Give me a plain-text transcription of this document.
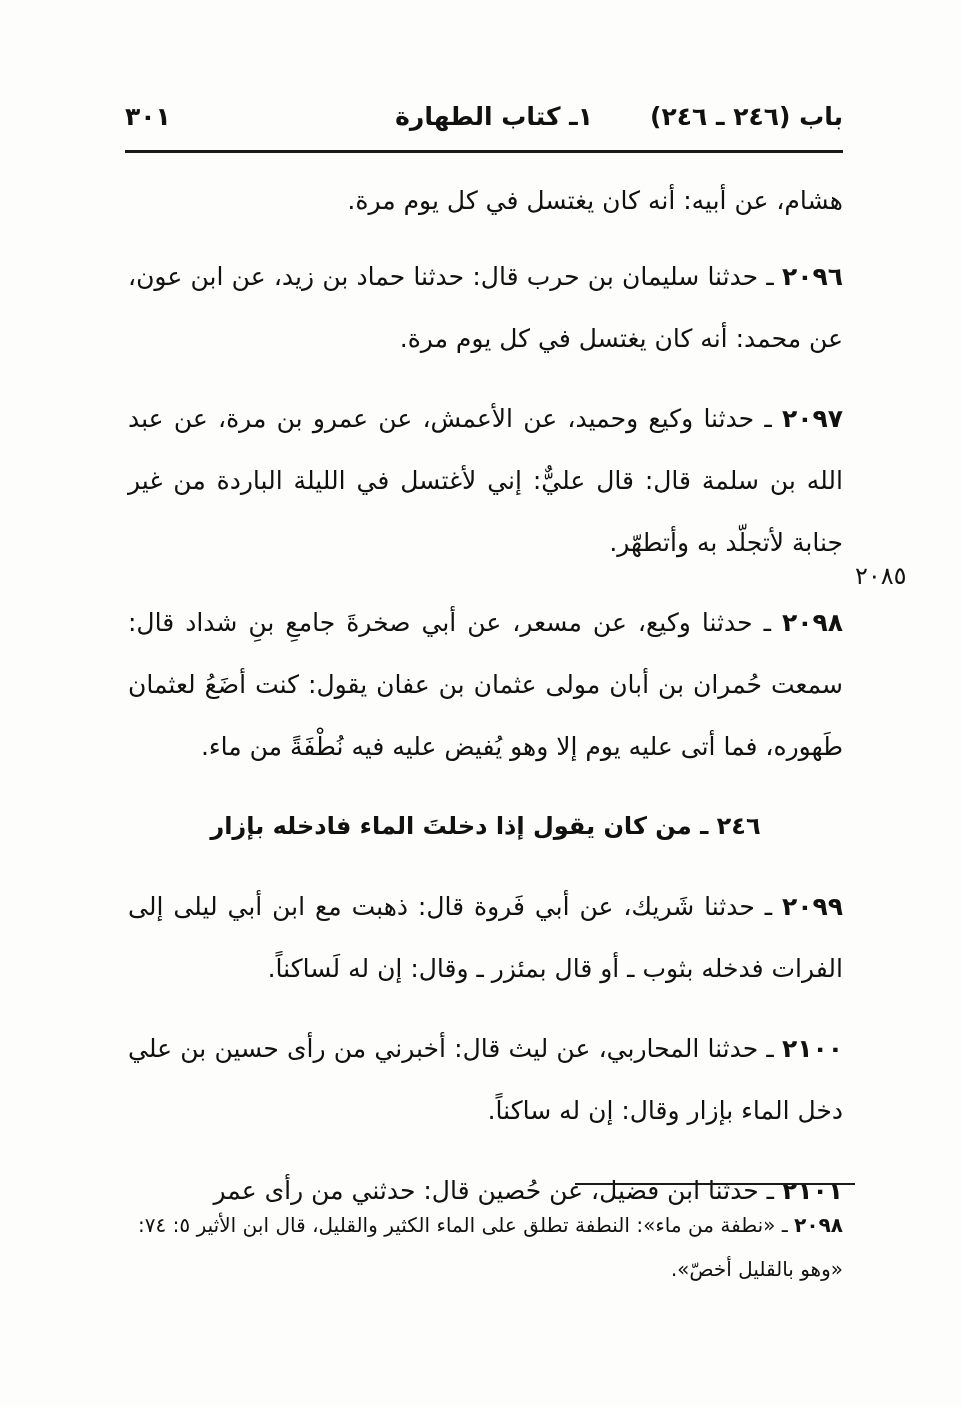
باب (٢٤٦ ـ ٢٤٦)
١ـ كتاب الطهارة
٣٠١
٢٠٨٥

هشام، عن أبيه: أنه كان يغتسل في كل يوم مرة.

٢٠٩٦ ـ حدثنا سليمان بن حرب قال: حدثنا حماد بن زيد، عن ابن عون، عن محمد: أنه كان يغتسل في كل يوم مرة.

٢٠٩٧ ـ حدثنا وكيع وحميد، عن الأعمش، عن عمرو بن مرة، عن عبد الله بن سلمة قال: قال عليٌّ: إني لأغتسل في الليلة الباردة من غير جنابة لأتجلّد به وأتطهّر.

٢٠٩٨ ـ حدثنا وكيع، عن مسعر، عن أبي صخرةَ جامعِ بنِ شداد قال: سمعت حُمران بن أبان مولى عثمان بن عفان يقول: كنت أضَعُ لعثمان طَهوره، فما أتى عليه يوم إلا وهو يُفيض عليه فيه نُطْفَةً من ماء.

٢٤٦ ـ من كان يقول إذا دخلتَ الماء فادخله بإزار

٢٠٩٩ ـ حدثنا شَريك، عن أبي فَروة قال: ذهبت مع ابن أبي ليلى إلى الفرات فدخله بثوب ـ أو قال بمئزر ـ وقال: إن له لَساكناً.

٢١٠٠ ـ حدثنا المحاربي، عن ليث قال: أخبرني من رأى حسين بن علي دخل الماء بإزار وقال: إن له ساكناً.

٢١٠١ ـ حدثنا ابن فضيل، عن حُصين قال: حدثني من رأى عمر

٢٠٩٨ ـ «نطفة من ماء»: النطفة تطلق على الماء الكثير والقليل، قال ابن الأثير ٥: ٧٤: «وهو بالقليل أخصّ».
